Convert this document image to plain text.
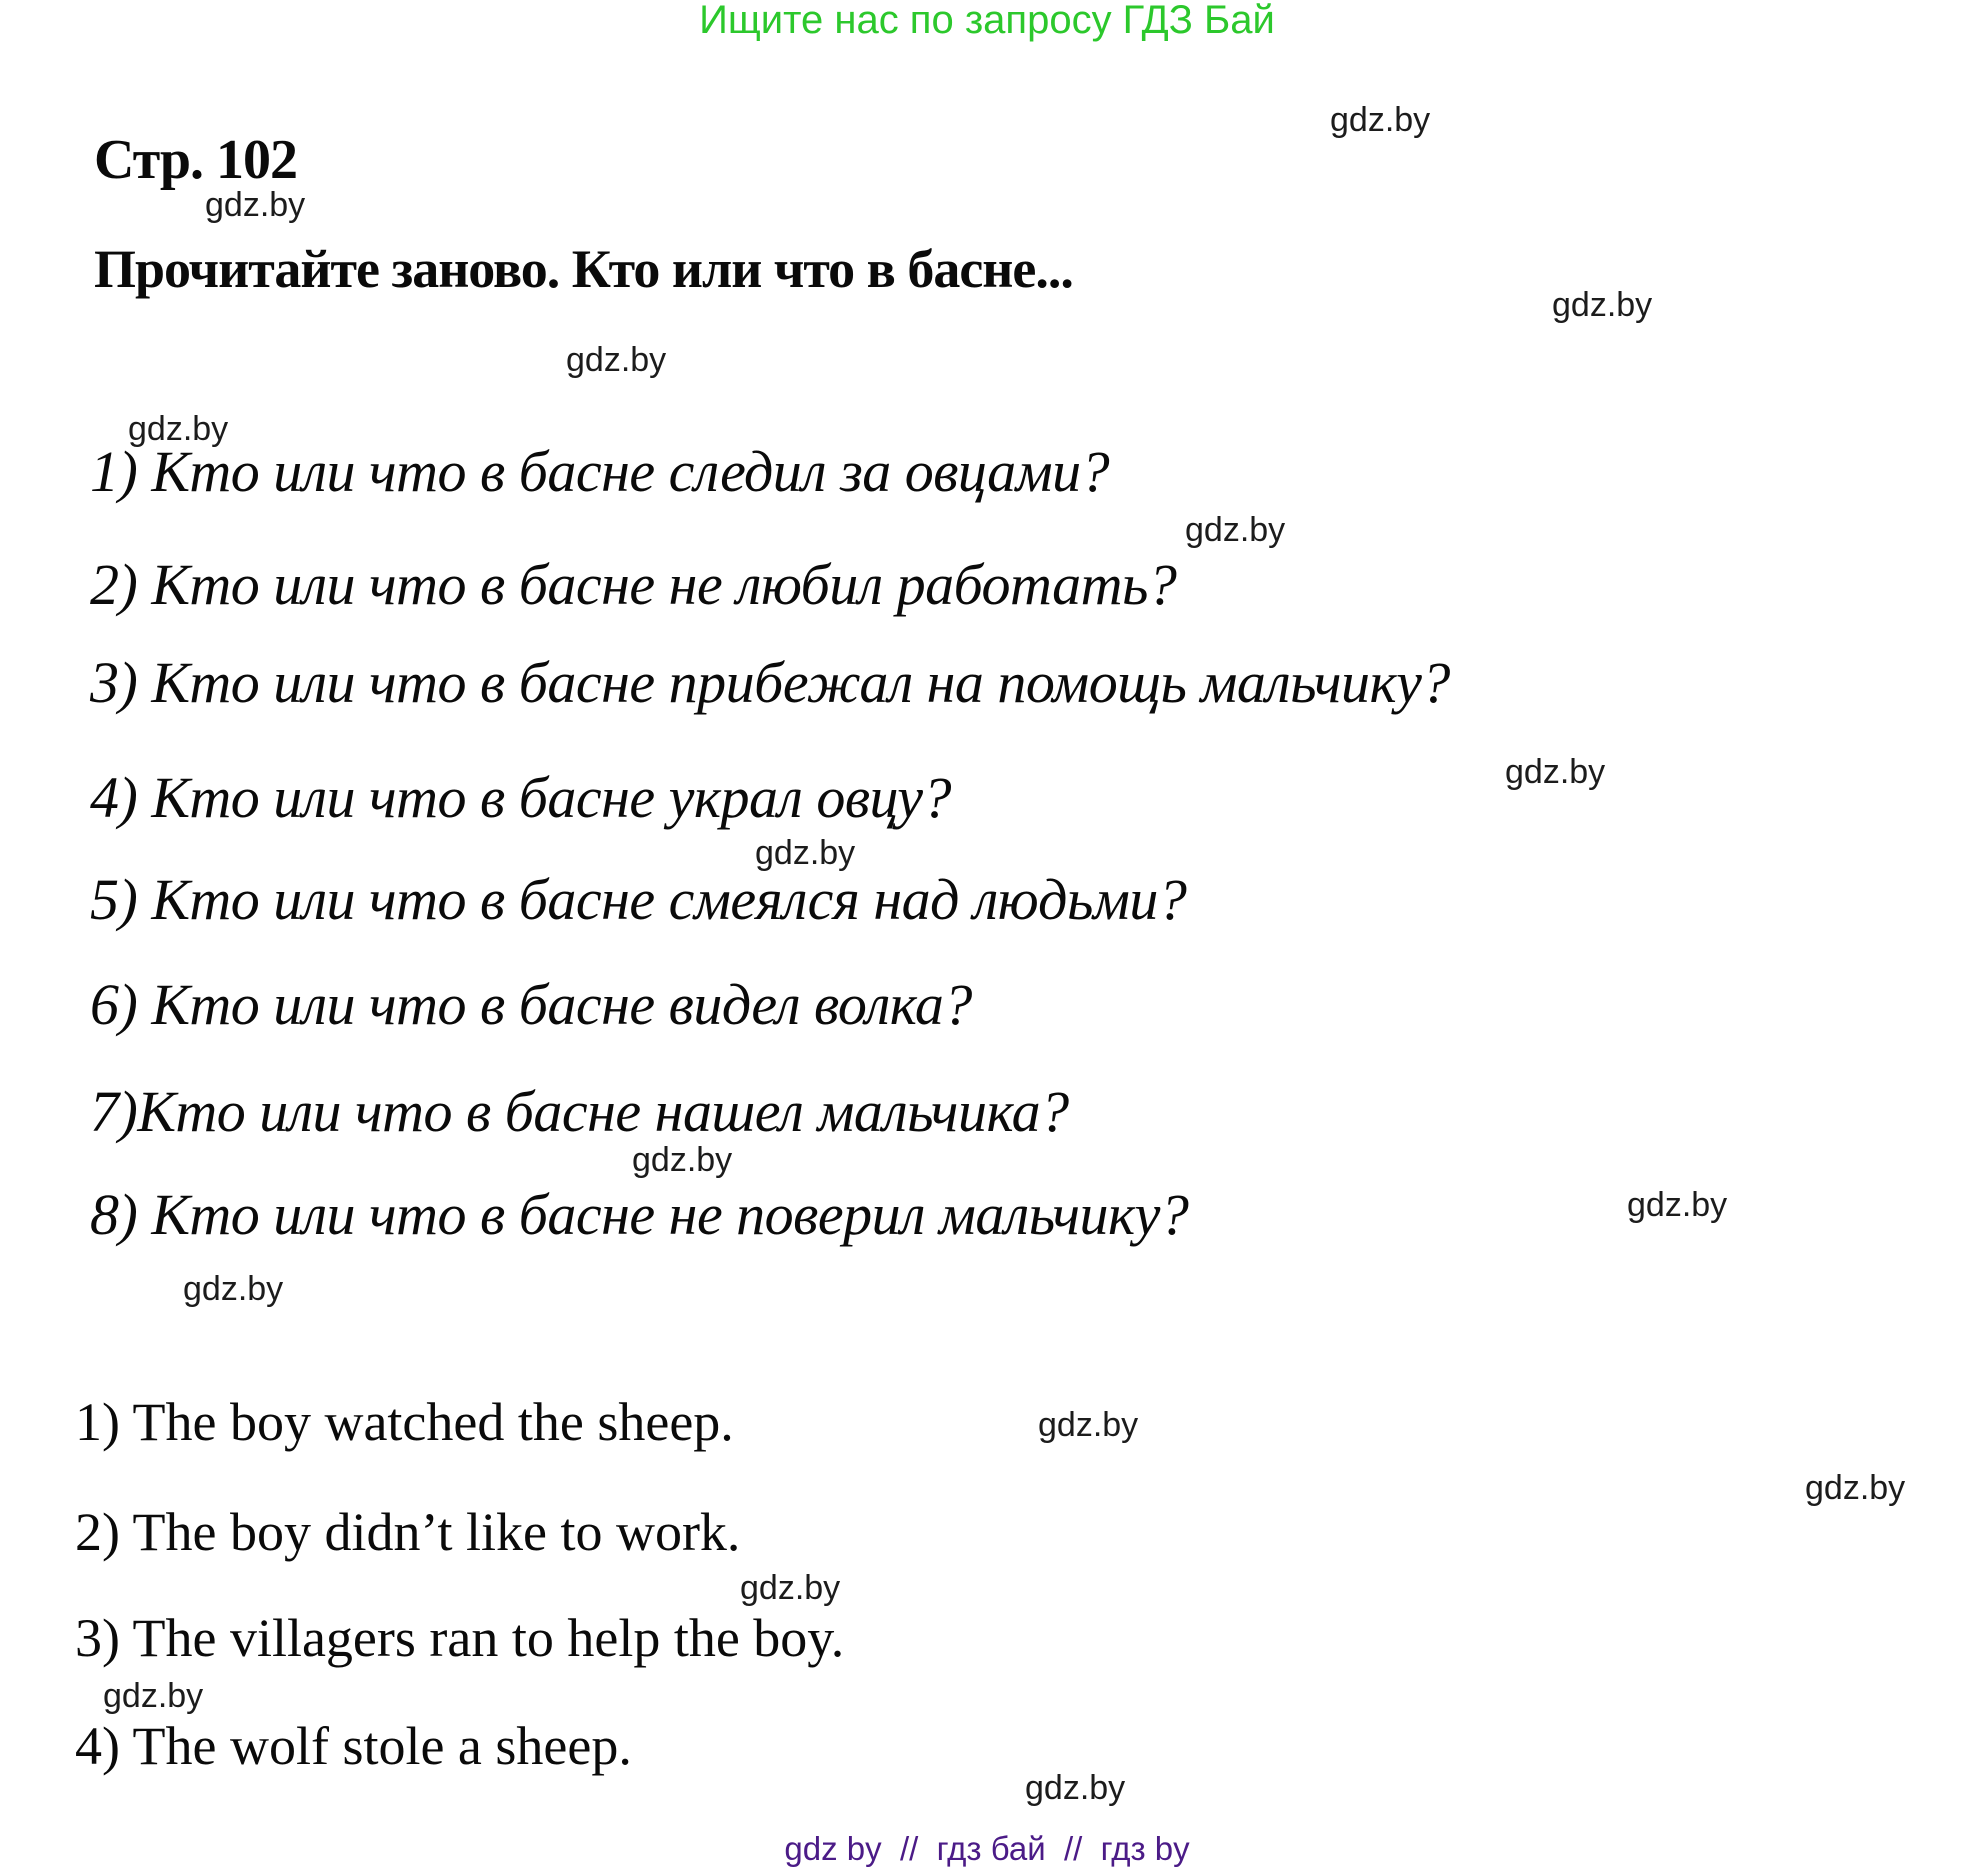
Ищите нас по запросу ГДЗ Бай
Стр. 102
Прочитайте заново. Кто или что в басне...
1) Кто или что в басне следил за овцами?
2) Кто или что в басне не любил работать?
3) Кто или что в басне прибежал на помощь мальчику?
4) Кто или что в басне украл овцу?
5) Кто или что в басне смеялся над людьми?
6) Кто или что в басне видел волка?
7)Кто или что в басне нашел мальчика?
8) Кто или что в басне не поверил мальчику?
1) The boy watched the sheep.
2) The boy didn’t like to work.
3) The villagers ran to help the boy.
4) The wolf stole a sheep.
gdz.by
gdz.by
gdz.by
gdz.by
gdz.by
gdz.by
gdz.by
gdz.by
gdz.by
gdz.by
gdz.by
gdz.by
gdz.by
gdz.by
gdz.by
gdz.by
gdz by  //  гдз бай  //  гдз by
